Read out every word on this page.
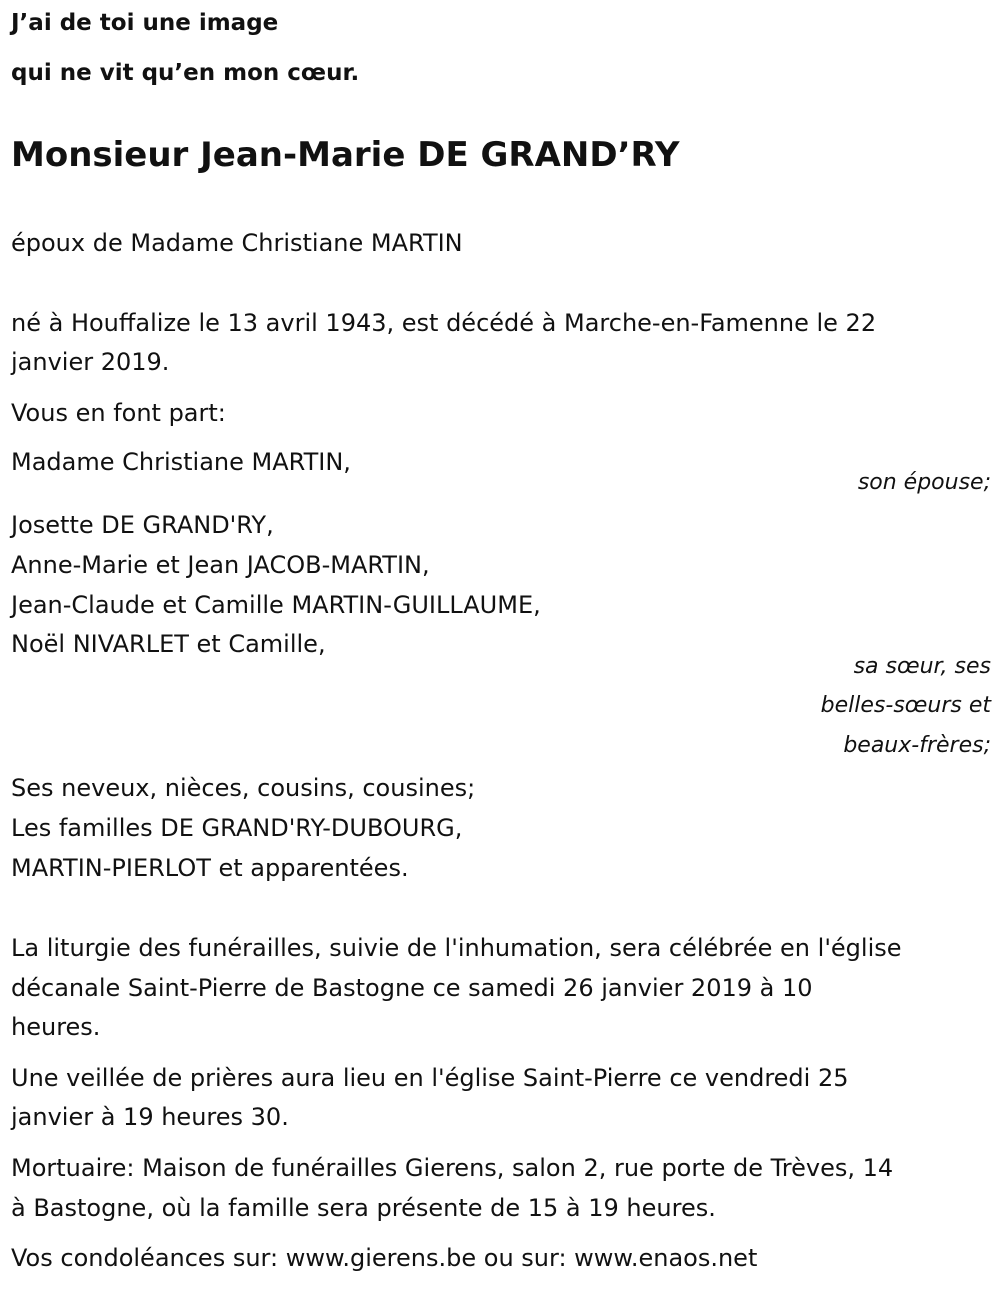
J’ai de toi une image
qui ne vit qu’en mon cœur.
Monsieur Jean-Marie DE GRAND’RY
époux de Madame Christiane MARTIN
né à Houffalize le 13 avril 1943, est décédé à Marche-en-Famenne le 22
janvier 2019.
Vous en font part:
Madame Christiane MARTIN,
son épouse;
Josette DE GRAND'RY,
Anne-Marie et Jean JACOB-MARTIN,
Jean-Claude et Camille MARTIN-GUILLAUME,
Noël NIVARLET et Camille,
sa sœur, ses
belles-sœurs et
beaux-frères;
Ses neveux, nièces, cousins, cousines;
Les familles DE GRAND'RY-DUBOURG,
MARTIN-PIERLOT et apparentées.
La liturgie des funérailles, suivie de l'inhumation, sera célébrée en l'église
décanale Saint-Pierre de Bastogne ce samedi 26 janvier 2019 à 10
heures.
Une veillée de prières aura lieu en l'église Saint-Pierre ce vendredi 25
janvier à 19 heures 30.
Mortuaire: Maison de funérailles Gierens, salon 2, rue porte de Trèves, 14
à Bastogne, où la famille sera présente de 15 à 19 heures.
Vos condoléances sur: www.gierens.be ou sur: www.enaos.net
